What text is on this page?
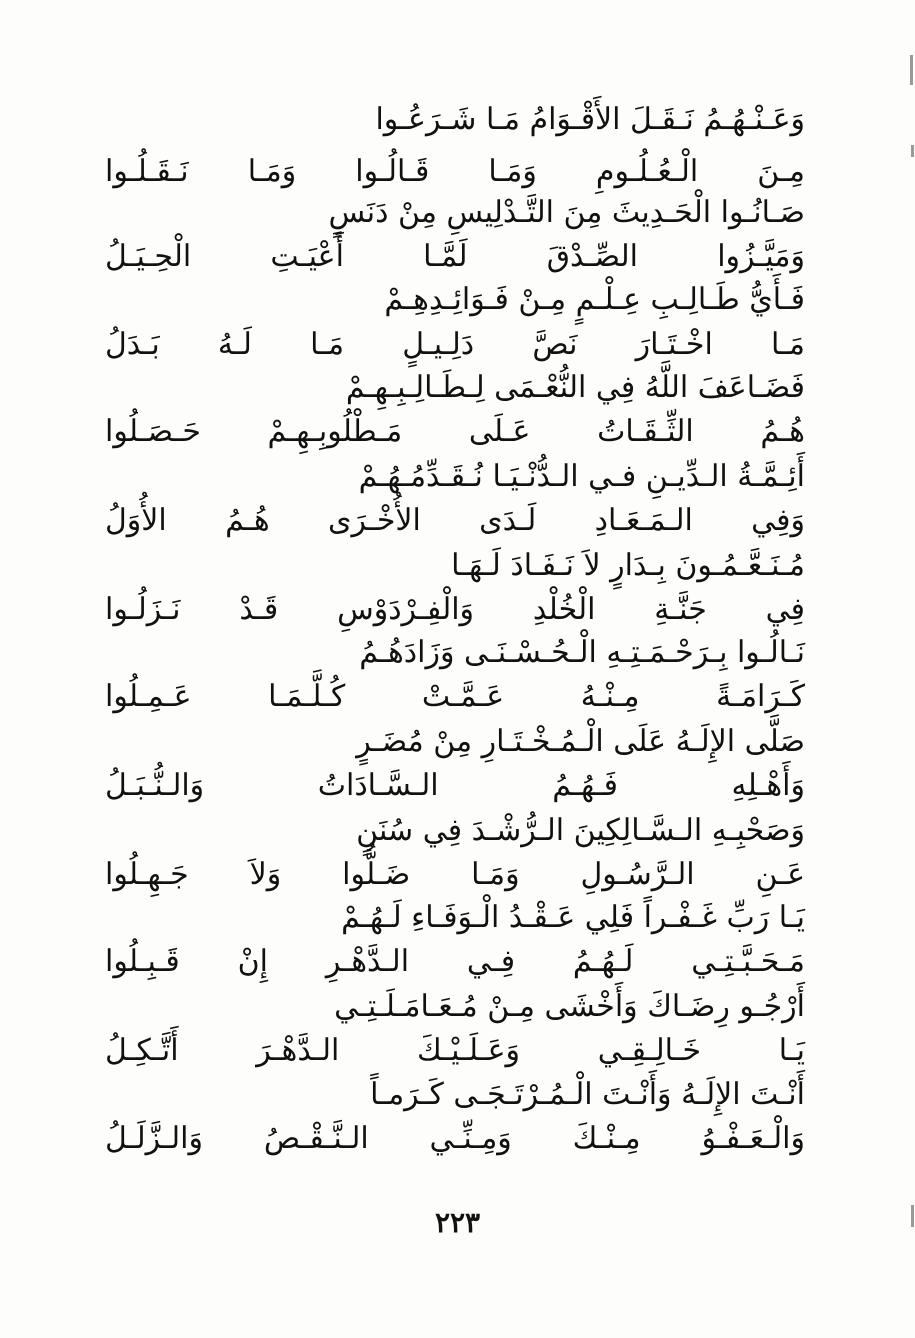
وَعَـنْـهُـمُ نَـقَـلَ الأَقْـوَامُ مَـا شَـرَعُـوا
مِـنَ الْـعُـلُـومِ وَمَـا قَـالُـوا وَمَـا نَـقَـلُـوا
صَـانُـوا الْحَـدِيثَ مِنَ التَّـدْلِيسِ مِنْ دَنَسٍ
وَمَيَّـزُوا الصِّـدْقَ لَمَّـا أَعْيَـتِ الْحِـيَـلُ
فَـأَيُّ طَـالِـبِ عِـلْـمٍ مِـنْ فَـوَائِـدِهِـمْ
مَـا اخْـتَـارَ نَصَّ دَلِـيـلٍ مَـا لَـهُ بَـدَلُ
فَضَـاعَفَ اللَّهُ فِي النُّعْـمَى لِـطَـالِـبِـهِـمْ
هُـمُ الثِّـقَـاتُ عَـلَى مَـطْلُوبِـهِـمْ حَـصَـلُوا
أَئِـمَّـةُ الـدِّيـنِ فـي الـدُّنْـيَـا نُـقَـدِّمُـهُـمْ
وَفِي الـمَـعَـادِ لَـدَى الأُخْـرَى هُـمُ الأُوَلُ
مُـنَـعَّـمُـونَ بِـدَارٍ لاَ نَـفَـادَ لَـهَـا
فِي جَنَّـةِ الْخُلْدِ وَالْفِـرْدَوْسِ قَـدْ نَـزَلُـوا
نَـالُـوا بِـرَحْـمَـتِـهِ الْـحُـسْـنَـى وَزَادَهُـمُ
كَـرَامَـةً مِـنْـهُ عَـمَّـتْ كُـلَّـمَـا عَـمِـلُوا
صَلَّى الإِلَـهُ عَلَى الْـمُـخْـتَـارِ مِنْ مُضَـرٍ
وَأَهْـلِهِ فَـهُـمُ الـسَّـادَاتُ وَالـنُّـبَـلُ
وَصَحْبِـهِ الـسَّـالِكِينَ الـرُّشْـدَ فِي سُنَنٍ
عَـنِ الـرَّسُـولِ وَمَـا ضَـلُّوا وَلاَ جَـهِـلُوا
يَـا رَبِّ غَـفْـراً فَلِي عَـقْـدُ الْـوَفَـاءِ لَـهُـمْ
مَـحَـبَّـتِـي لَـهُـمُ فِـي الـدَّهْـرِ إِنْ قَـبِـلُوا
أَرْجُـو رِضَـاكَ وَأَخْشَى مِـنْ مُـعَـامَـلَـتِـي
يَـا خَـالِـقِـي وَعَـلَـيْـكَ الـدَّهْـرَ أَتَّـكِـلُ
أَنْـتَ الإِلَـهُ وَأَنْـتَ الْـمُـرْتَـجَـى كَـرَمـاً
وَالْـعَـفْـوُ مِـنْـكَ وَمِـنِّـي الـنَّـقْـصُ وَالـزَّلَـلُ
٢٢٣
